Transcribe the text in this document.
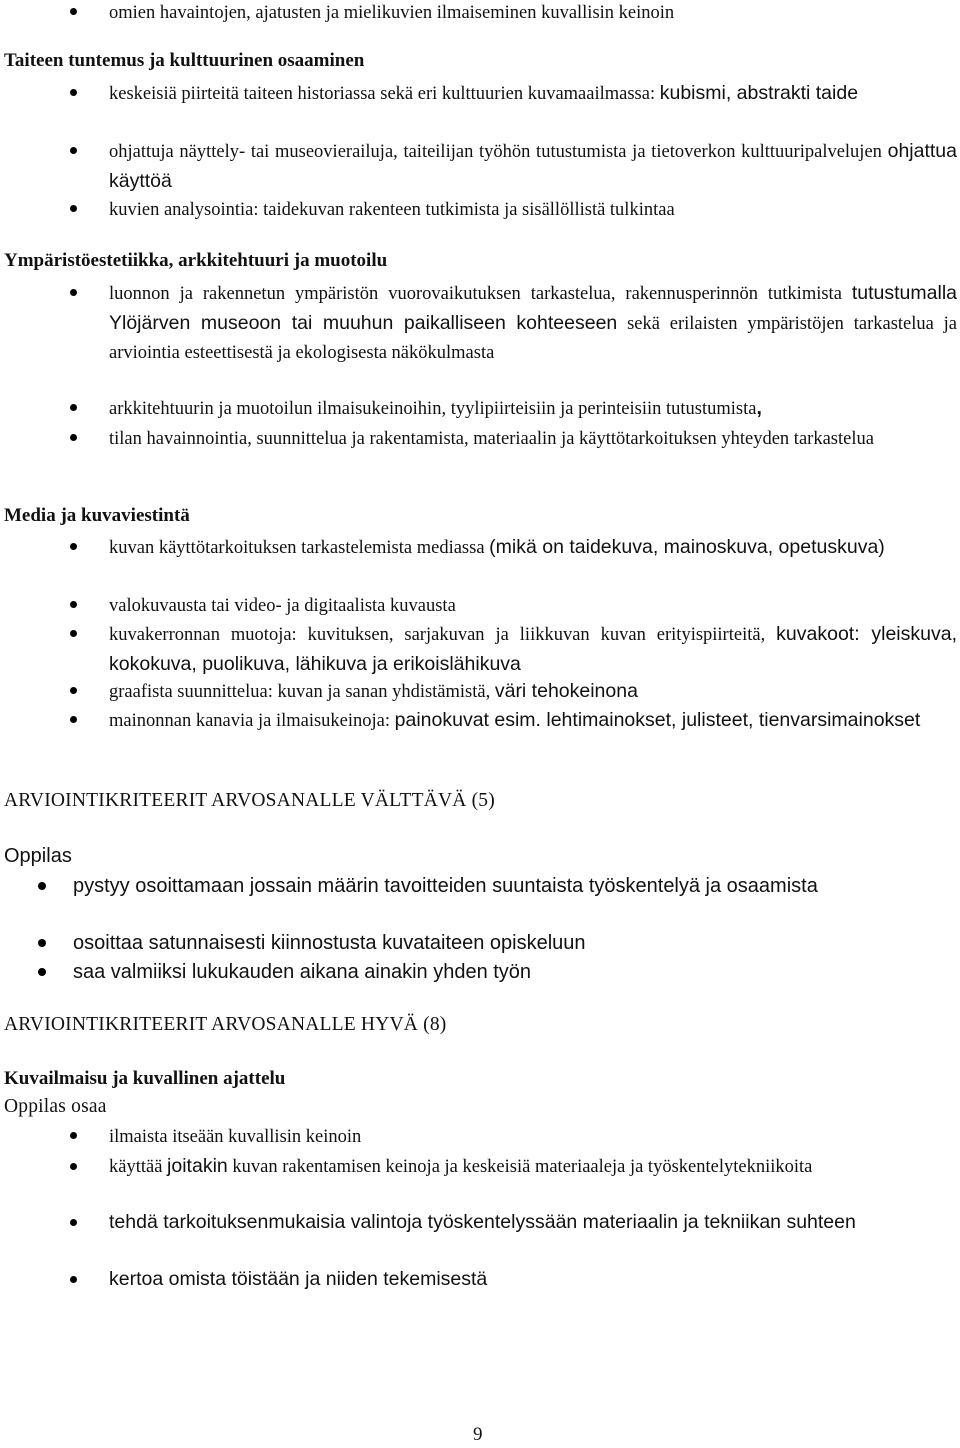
omien havaintojen, ajatusten ja mielikuvien ilmaiseminen kuvallisin keinoin
Taiteen tuntemus ja kulttuurinen osaaminen
keskeisiä piirteitä taiteen historiassa sekä eri kulttuurien kuvamaailmassa: kubismi, abstrakti taide
ohjattuja näyttely- tai museovierailuja, taiteilijan työhön tutustumista ja tietoverkon kulttuuripalvelujen ohjattua käyttöä
kuvien analysointia: taidekuvan rakenteen tutkimista ja sisällöllistä tulkintaa
Ympäristöestetiikka, arkkitehtuuri ja muotoilu
luonnon ja rakennetun ympäristön vuorovaikutuksen tarkastelua, rakennusperinnön tutkimista tutustumalla Ylöjärven museoon tai muuhun paikalliseen kohteeseen sekä erilaisten ympäristöjen tarkastelua ja arviointia esteettisestä ja ekologisesta näkökulmasta
arkkitehtuurin ja muotoilun ilmaisukeinoihin, tyylipiirteisiin ja perinteisiin tutustumista,
tilan havainnointia, suunnittelua ja rakentamista, materiaalin ja käyttötarkoituksen yhteyden tarkastelua
Media ja kuvaviestintä
kuvan käyttötarkoituksen tarkastelemista mediassa (mikä on taidekuva, mainoskuva, opetuskuva)
valokuvausta tai video- ja digitaalista kuvausta
kuvakerronnan muotoja: kuvituksen, sarjakuvan ja liikkuvan kuvan erityispiirteitä, kuvakoot: yleiskuva, kokokuva, puolikuva, lähikuva ja erikoislähikuva
graafista suunnittelua: kuvan ja sanan yhdistämistä, väri tehokeinona
mainonnan kanavia ja ilmaisukeinoja: painokuvat esim. lehtimainokset, julisteet, tienvarsimainokset
ARVIOINTIKRITEERIT ARVOSANALLE VÄLTTÄVÄ (5)
Oppilas
pystyy osoittamaan jossain määrin tavoitteiden suuntaista työskentelyä ja osaamista
osoittaa satunnaisesti kiinnostusta kuvataiteen opiskeluun
saa valmiiksi lukukauden aikana ainakin yhden työn
ARVIOINTIKRITEERIT ARVOSANALLE HYVÄ (8)
Kuvailmaisu ja kuvallinen ajattelu
Oppilas osaa
ilmaista itseään kuvallisin keinoin
käyttää joitakin kuvan rakentamisen keinoja ja keskeisiä materiaaleja ja työskentelytekniikoita
tehdä tarkoituksenmukaisia valintoja työskentelyssään materiaalin ja tekniikan suhteen
kertoa omista töistään ja niiden tekemisestä
9
